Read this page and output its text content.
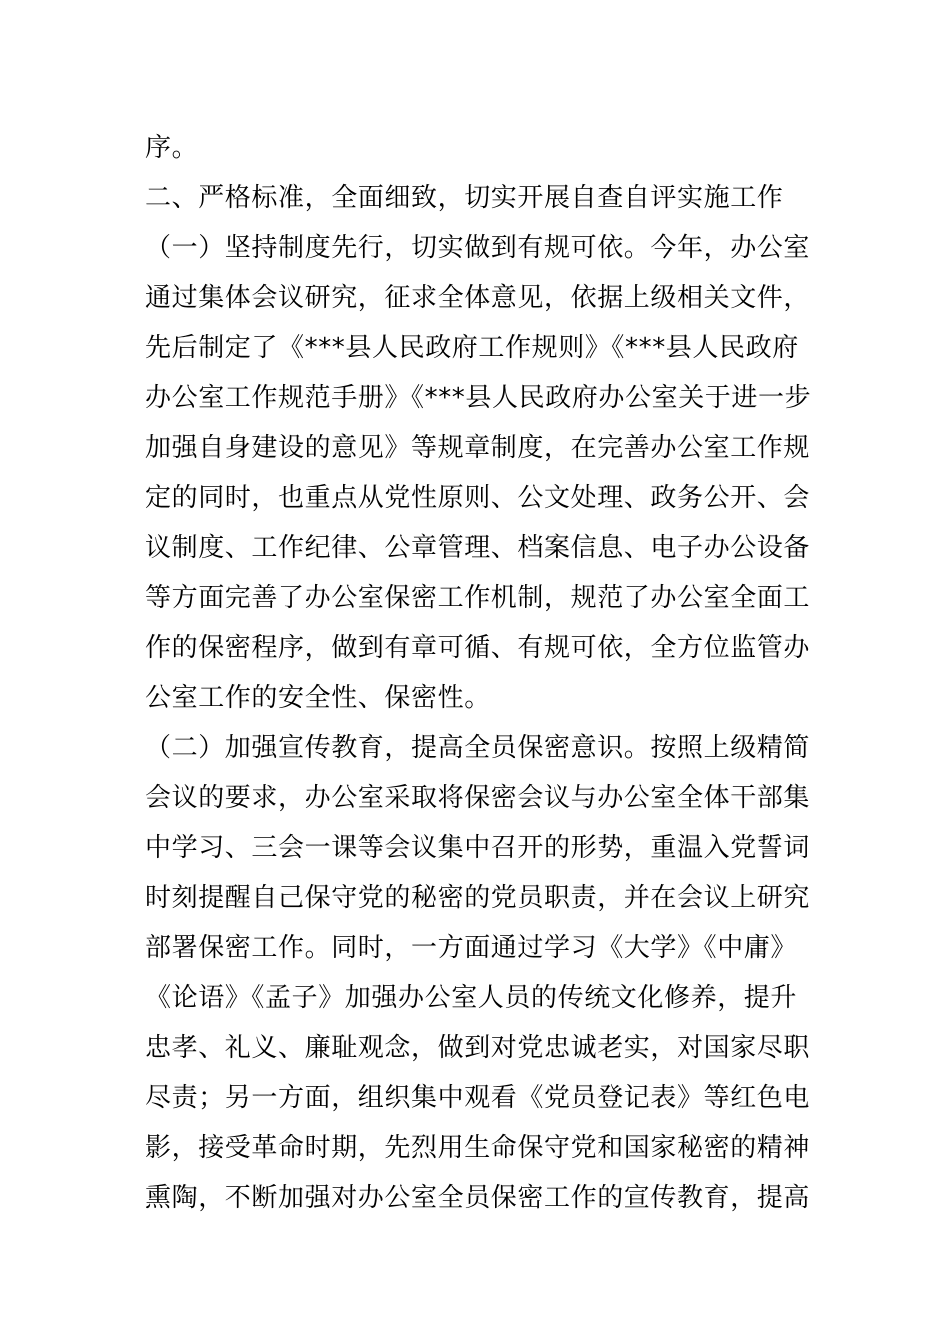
序。
二、严格标准，全面细致，切实开展自查自评实施工作
（一）坚持制度先行，切实做到有规可依。今年，办公室
通过集体会议研究，征求全体意见，依据上级相关文件，
先后制定了《***县人民政府工作规则》《***县人民政府
办公室工作规范手册》《***县人民政府办公室关于进一步
加强自身建设的意见》等规章制度，在完善办公室工作规
定的同时，也重点从党性原则、公文处理、政务公开、会
议制度、工作纪律、公章管理、档案信息、电子办公设备
等方面完善了办公室保密工作机制，规范了办公室全面工
作的保密程序，做到有章可循、有规可依，全方位监管办
公室工作的安全性、保密性。
（二）加强宣传教育，提高全员保密意识。按照上级精简
会议的要求，办公室采取将保密会议与办公室全体干部集
中学习、三会一课等会议集中召开的形势，重温入党誓词
时刻提醒自己保守党的秘密的党员职责，并在会议上研究
部署保密工作。同时，一方面通过学习《大学》《中庸》
《论语》《孟子》加强办公室人员的传统文化修养，提升
忠孝、礼义、廉耻观念，做到对党忠诚老实，对国家尽职
尽责；另一方面，组织集中观看《党员登记表》等红色电
影，接受革命时期，先烈用生命保守党和国家秘密的精神
熏陶，不断加强对办公室全员保密工作的宣传教育，提高
